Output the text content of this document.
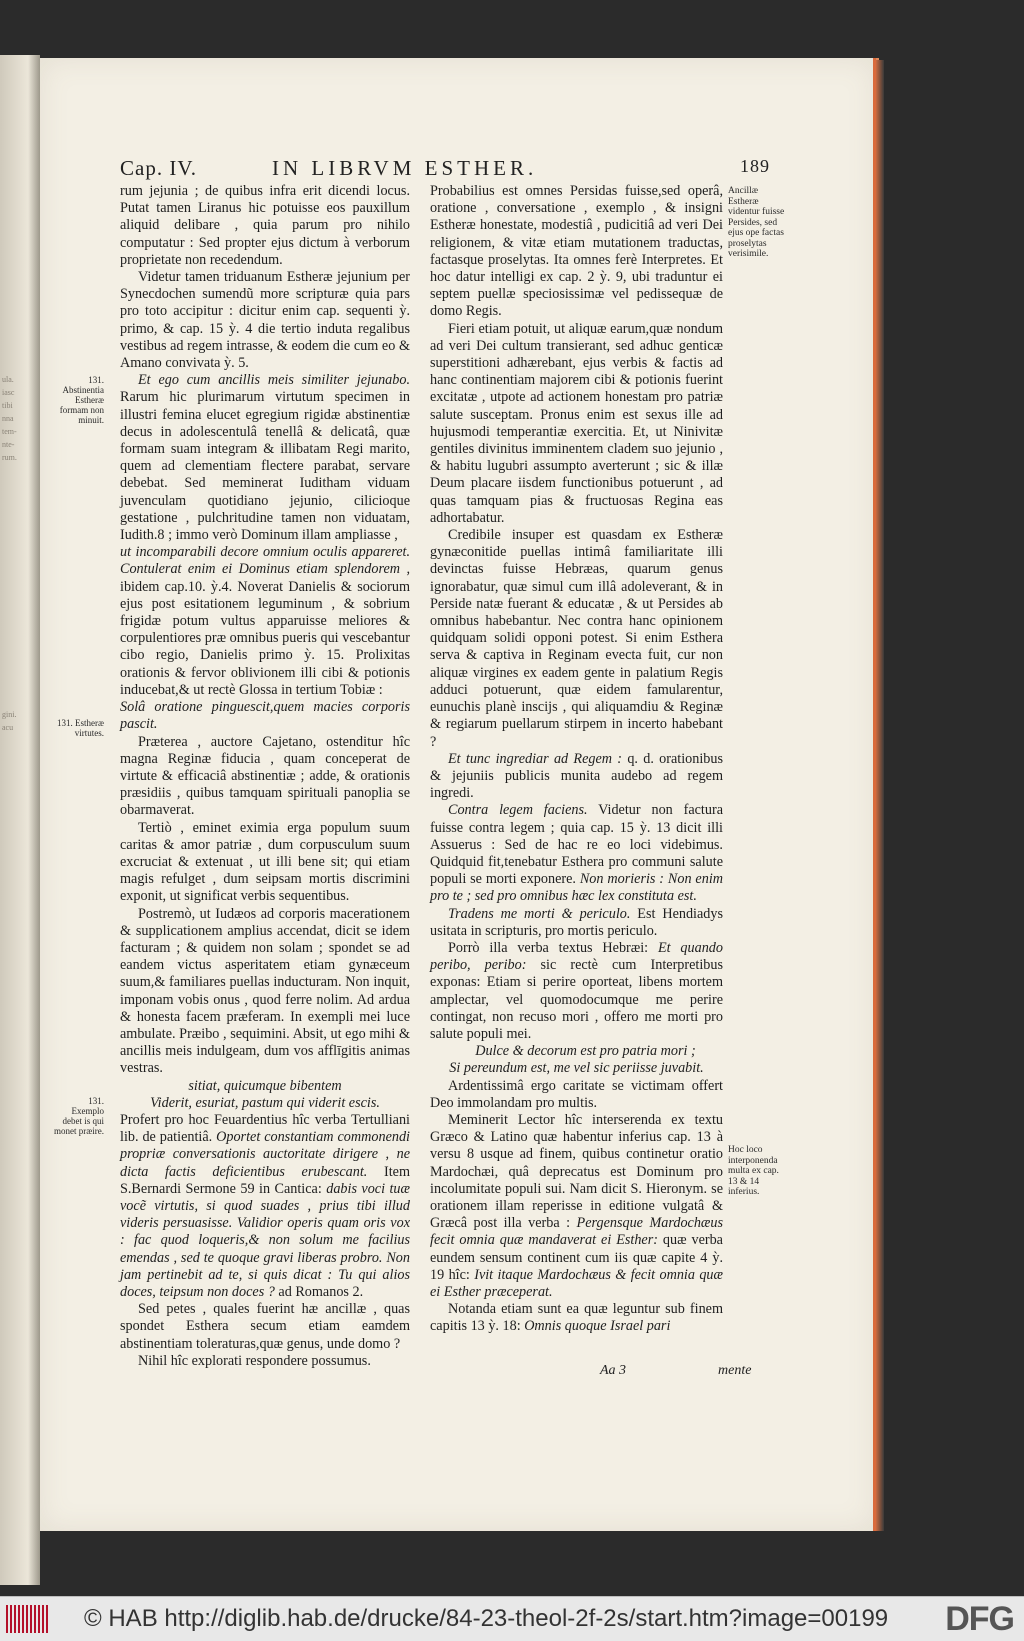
ula.
iasc
tibi
nna
tem-
nte-
rum.
gini.
acu
Cap. IV.	IN LIBRVM ESTHER.	189

rum jejunia ; de quibus infra erit dicendi locus. Putat tamen Liranus hic potuisse eos pauxillum aliquid delibare , quia parum pro nihilo computatur : Sed propter ejus dictum à verborum proprietate non recedendum.

Videtur tamen triduanum Estheræ jejunium per Synecdochen sumendũ more scripturæ quia pars pro toto accipitur : dicitur enim cap. sequenti ỳ. primo, & cap. 15 ỳ. 4 die tertio induta regalibus vestibus ad regem intrasse, & eodem die cum eo & Amano convivata ỳ. 5.

Et ego cum ancillis meis similiter jejunabo. Rarum hic plurimarum virtutum specimen in illustri femina elucet egregium rigidæ abstinentiæ decus in adolescentulâ tenellâ & delicatâ, quæ formam suam integram & illibatam Regi maritо, quem ad clementiam flectere parabat, servare debebat. Sed meminerat Iuditham viduam juvenculam quotidiano jejunio, cilicioque gestatione , pulchritudine tamen non viduatam, Iudith.8 ; immo verò Dominum illam ampliasse ,

ut incomparabili decore omnium oculis appareret. Contulerat enim ei Dominus etiam splendorem , ibidem cap.10. ỳ.4. Noverat Danielis & sociorum ejus post esitationem leguminum , & sobrium frigidæ potum vultus apparuisse meliores & corpulentiores præ omnibus pueris qui vescebantur cibo regio, Danielis primo ỳ. 15. Prolixitas orationis & fervor oblivionem illi cibi & potionis inducebat,& ut rectè Glossa in tertium Tobiæ :

Solâ oratione pinguescit,quem macies corporis pascit.

Præterea , auctore Cajetano, ostenditur hîc magna Reginæ fiducia , quam conceperat de virtute & efficaciâ abstinentiæ ; adde, & orationis præsidiis , quibus tamquam spirituali panoplia se obarmaverat.

Tertiò , eminet eximia erga populum suum caritas & amor patriæ , dum corpusculum suum excruciat & extenuat , ut illi bene sit; qui etiam magis refulget , dum seipsam mortis discrimini exponit, ut significat verbis sequentibus.

Postremò, ut Iudæos ad corporis macerationem & supplicationem amplius accendat, dicit se idem facturam ; & quidem non solam ; spondet se ad eandem victus asperitatem etiam gynæceum suum,& familiares puellas inducturam. Non inquit, imponam vobis onus , quod ferre nolim. Ad ardua & honesta facem præferam. In exempli mei luce ambulate. Præibo , sequimini. Absit, ut ego mihi & ancillis meis indulgeam, dum vos afflīgitis animas vestras.

sitiat, quicumque bibentem

Viderit, esuriat, pastum qui viderit escis.

Profert pro hoc Feuardentius hîc verba Tertulliani lib. de patientiâ. Oportet constantiam commonendi propriæ conversationis auctoritate dirigere , ne dicta factis deficientibus erubescant. Item S.Bernardi Sermone 59 in Cantica: dabis voci tuæ vocẽ virtutis, si quod suades , prius tibi illud videris persuasisse. Validior operis quam oris vox : fac quod loqueris,& non solum me facilius emendas , sed te quoque gravi liberas probro. Non jam pertinebit ad te, si quis dicat : Tu qui alios doces, teipsum non doces ? ad Romanos 2.

Sed petes , quales fuerint hæ ancillæ , quas spondet Esthera secum etiam eamdem abstinentiam toleraturas,quæ genus, unde domo ?

Nihil hîc explorati respondere possumus.

Probabilius est omnes Persidas fuisse,sed operâ, oratione , conversatione , exemplo , & insigni Estheræ honestate, modestiâ , pudicitiâ ad veri Dei religionem, & vitæ etiam mutationem traductas, factasque proselytas. Ita omnes ferè Interpretes. Et hoc datur intelligi ex cap. 2 ỳ. 9, ubi traduntur ei septem puellæ speciosissimæ vel pedissequæ de domo Regis.

Fieri etiam potuit, ut aliquæ earum,quæ nondum ad veri Dei cultum transierant, sed adhuc genticæ superstitioni adhærebant, ejus verbis & factis ad hanc continentiam majorem cibi & potionis fuerint excitatæ , utpote ad actionem honestam pro patriæ salute susceptam. Pronus enim est sexus ille ad hujusmodi temperantiæ exercitia. Et, ut Ninivitæ gentiles divinitus imminentem cladem suo jejunio , & habitu lugubri assumpto averterunt ; sic & illæ Deum placare iisdem functionibus potuerunt , ad quas tamquam pias & fructuosas Regina eas adhortabatur.

Credibile insuper est quasdam ex Estheræ gynæconitide puellas intimâ familiaritate illi devinctas fuisse Hebræas, quarum genus ignorabatur, quæ simul cum illâ adoleverant, & in Perside natæ fuerant & educatæ , & ut Persides ab omnibus habebantur. Nec contra hanc opinionem quidquam solidi opponi potest. Si enim Esthera serva & captiva in Reginam evecta fuit, cur non aliquæ virgines ex eadem gente in palatium Regis adduci potuerunt, quæ eidem famularentur, eunuchis planè inscijs , qui aliquamdiu & Reginæ & regiarum puellarum stirpem in incerto habebant ?

Et tunc ingrediar ad Regem : q. d. orationibus & jejuniis publicis munita audebo ad regem ingredi.

Contra legem faciens. Videtur non factura fuisse contra legem ; quia cap. 15 ỳ. 13 dicit illi Assuerus : Sed de hac re eo loci videbimus. Quidquid fit,tenebatur Esthera pro communi salute populi se morti exponere. Non morieris : Non enim pro te ; sed pro omnibus hæc lex constituta est.

Tradens me morti & periculo. Est Hendiadys usitata in scripturis, pro mortis periculo.

Porrò illa verba textus Hebræi: Et quando peribo, peribo: sic rectè cum Interpretibus exponas: Etiam si perire oporteat, libens mortem amplectar, vel quomodocumque me perire contingat, non recuso mori , offero me morti pro salute populi mei.

Dulce & decorum est pro patria mori ;

Si pereundum est, me vel sic periisse juvabit.

Ardentissimâ ergo caritate se victimam offert Deo immolandam pro multis.

Meminerit Lector hîc interserenda ex textu Græco & Latino quæ habentur inferius cap. 13 à versu 8 usque ad finem, quibus continetur oratio Mardochæi, quâ deprecatus est Dominum pro incolumitate populi sui. Nam dicit S. Hieronym. se orationem illam reperisse in editione vulgatâ & Græcâ post illa verba : Pergensque Mardochæus fecit omnia quæ mandaverat ei Esther: quæ verba eundem sensum continent cum iis quæ capite 4 ỳ. 19 hîc: Ivit itaque Mardochæus & fecit omnia quæ ei Esther præceperat.

Notanda etiam sunt ea quæ leguntur sub finem capitis 13 ỳ. 18: Omnis quoque Israel pari

131. Abstinentia Estheræ formam non minuit.
131. Estheræ virtutes.
131. Exemplo debet is qui monet præire.
Ancillæ Estheræ videntur fuisse Persides, sed ejus ope factas proselytas verisimile.
Hoc loco interponenda multa ex cap. 13 & 14 inferius.
Aa 3	mente
© HAB http://diglib.hab.de/drucke/84-23-theol-2f-2s/start.htm?image=00199 DFG
